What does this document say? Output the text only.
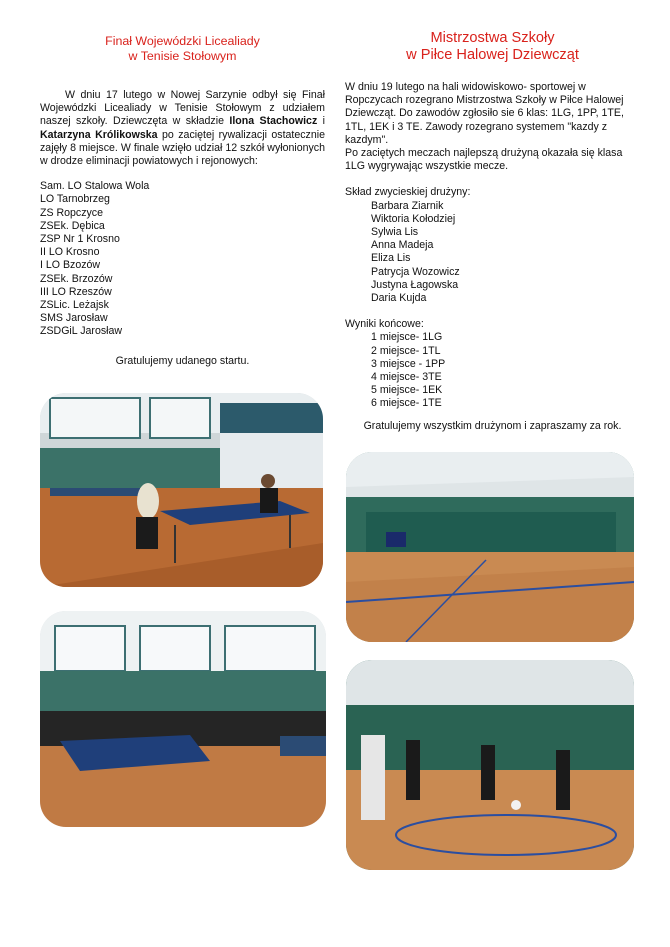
Finał Wojewódzki Licealiady
w Tenisie Stołowym

W dniu 17 lutego w Nowej Sarzynie odbył się Finał Wojewódzki Licealiady w Tenisie Stołowym z udziałem naszej szkoły. Dziewczęta w składzie Ilona Stachowicz i Katarzyna Królikowska po zaciętej rywalizacji ostatecznie zajęły 8 miejsce. W finale wzięło udział 12 szkół wyłonionych w drodze eliminacji powiatowych i rejonowych:

Sam. LO Stalowa Wola
LO Tarnobrzeg
ZS Ropczyce
ZSEk. Dębica
ZSP Nr 1 Krosno
II LO Krosno
I LO Bzozów
ZSEk. Brzozów
III LO Rzeszów
ZSLic. Leżajsk
SMS Jarosław
ZSDGiL Jarosław

Gratulujemy udanego startu.

Mistrzostwa Szkoły
w Piłce Halowej Dziewcząt

W dniu 19 lutego na hali widowiskowo- sportowej w Ropczycach rozegrano Mistrzostwa Szkoły w Piłce Halowej Dziewcząt. Do zawodów zgłosiło sie 6 klas: 1LG, 1PP, 1TE, 1TL, 1EK i 3 TE. Zawody rozegrano systemem "kazdy z kazdym".

Po zaciętych meczach najlepszą drużyną okazała się klasa 1LG wygrywając wszystkie mecze.

Skład zwycieskiej drużyny:

Barbara Ziarnik
Wiktoria Kołodziej
Sylwia Lis
Anna Madeja
Eliza Lis
Patrycja Wozowicz
Justyna Łagowska
Daria Kujda

Wyniki końcowe:

1 miejsce- 1LG
2 miejsce- 1TL
3 miejsce - 1PP
4 miejsce- 3TE
5 miejsce- 1EK
6 miejsce- 1TE

Gratulujemy wszystkim drużynom i zapraszamy za rok.
